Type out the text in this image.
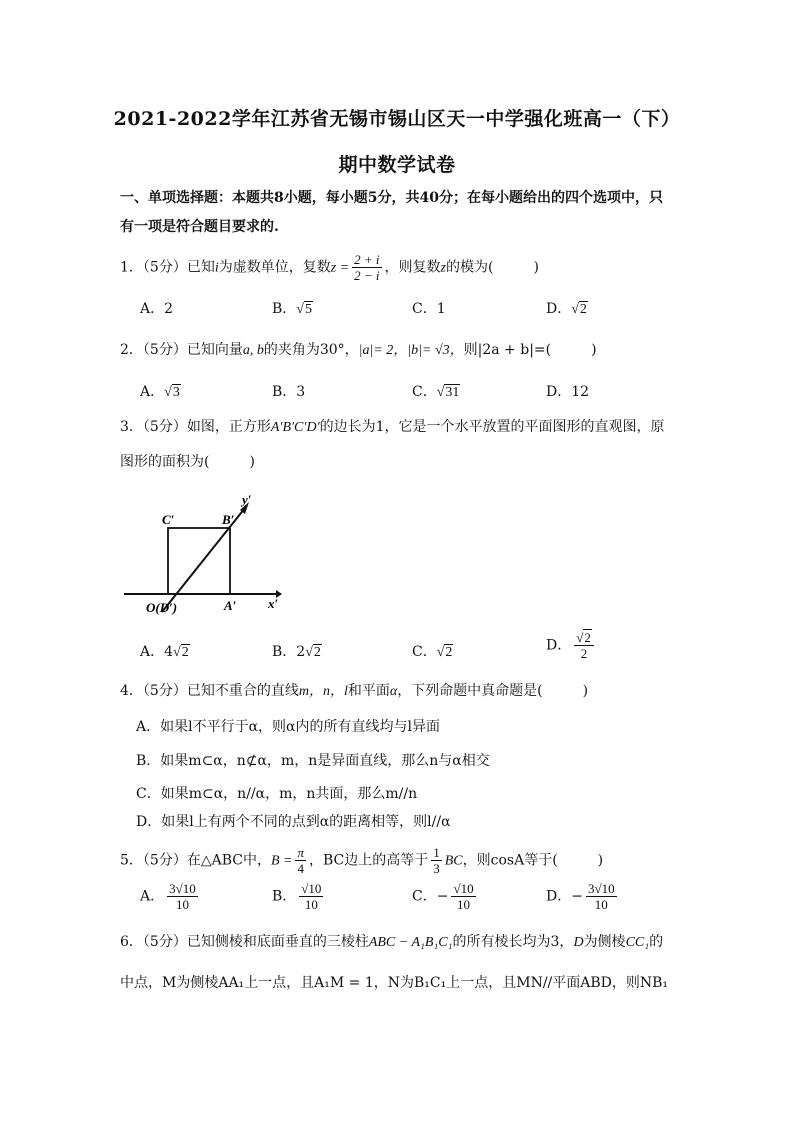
2021-2022学年江苏省无锡市锡山区天一中学强化班高一（下）
期中数学试卷
一、单项选择题：本题共8小题，每小题5分，共40分；在每小题给出的四个选项中，只
有一项是符合题目要求的.
1．（5分）已知i为虚数单位，复数$z = \frac{2 + i}{2 - i}$ ，则复数z的模为(	)
A．2	B．√5	C．1	D．√2
2．（5分）已知向量a, b的夹角为30°，|a|= 2，|b|= √3，则|2a + b|=(	)
A．√3	B．3	C．√31	D．12
3．（5分）如图，正方形A′B′C′D′的边长为1，它是一个水平放置的平面图形的直观图，原
图形的面积为(	)
C′	B′
y′
O(D′)	A′ x′
A．4√2	B．2√2	C．√2	D． $\frac{√2}{2}$
4．（5分）已知不重合的直线m，n，l和平面α，下列命题中真命题是(	)
A．如果l不平行于α，则α内的所有直线均与l异面
B．如果m⊂α，n⊄α，m，n是异面直线，那么n与α相交
C．如果m⊂α，n//α，m，n共面，那么m//n
D．如果l上有两个不同的点到α的距离相等，则l//α
5．（5分）在△ABC中，$B = \frac{\pi}{4}$ ，BC边上的高等于 $\frac{1}{3}$ BC，则cosA等于(	)
A． $\frac{3√10}{10}$	B． $\frac{√10}{10}$	C．− $\frac{√10}{10}$	D．− $\frac{3√10}{10}$
6．（5分）已知侧棱和底面垂直的三棱柱ABC − A₁B₁C₁的所有棱长均为3，D为侧棱CC₁的
中点，M为侧棱AA₁上一点，且A₁M = 1，N为B₁C₁上一点，且MN//平面ABD，则NB₁
